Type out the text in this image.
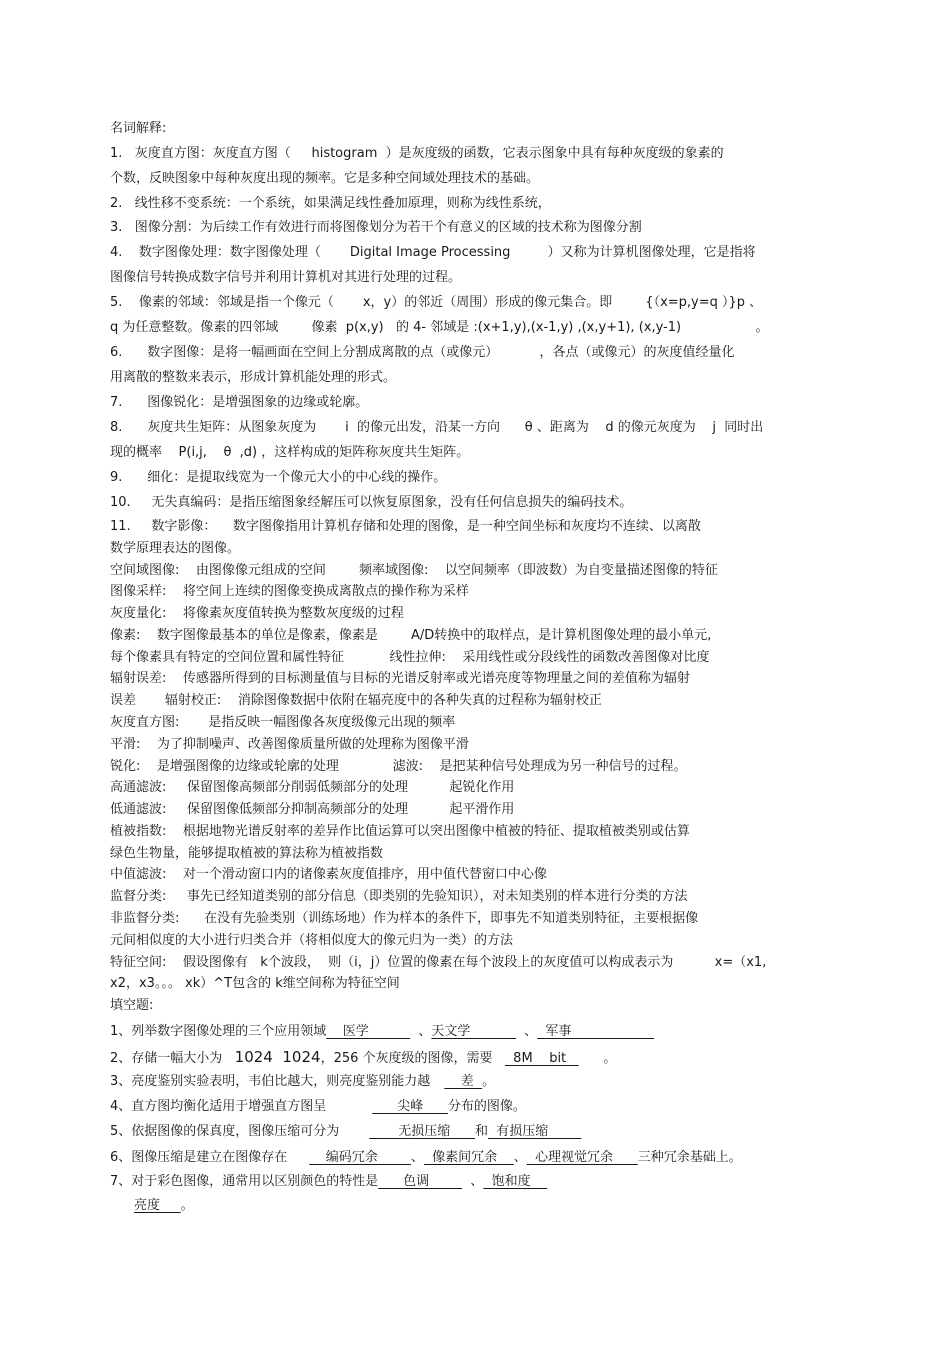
名词解释:
1.   灰度直方图：灰度直方图（     histogram  ）是灰度级的函数，它表示图象中具有每种灰度级的象素的
个数，反映图象中每种灰度出现的频率。它是多种空间域处理技术的基础。
2.   线性移不变系统：一个系统，如果满足线性叠加原理，则称为线性系统，
3.   图像分割：为后续工作有效进行而将图像划分为若干个有意义的区域的技术称为图像分割
4.    数字图像处理：数字图像处理（       Digital Image Processing         ）又称为计算机图像处理，它是指将
图像信号转换成数字信号并利用计算机对其进行处理的过程。
5.    像素的邻域：邻域是指一个像元（       x，y）的邻近（周围）形成的像元集合。即        {（x=p,y=q ）}p 、
q 为任意整数。像素的四邻域        像素  p(x,y)   的 4- 邻域是 :(x+1,y),(x-1,y) ,(x,y+1), (x,y-1)                  。
6.      数字图像：是将一幅画面在空间上分割成离散的点（或像元）          ，各点（或像元）的灰度值经量化
用离散的整数来表示，形成计算机能处理的形式。
7.      图像锐化：是增强图象的边缘或轮廓。
8.      灰度共生矩阵：从图象灰度为       i  的像元出发，沿某一方向      θ 、距离为    d 的像元灰度为    j  同时出
现的概率    P(i,j,    θ  ,d) ，这样构成的矩阵称灰度共生矩阵。
9.      细化：是提取线宽为一个像元大小的中心线的操作。
10.     无失真编码：是指压缩图象经解压可以恢复原图象，没有任何信息损失的编码技术。
11.     数字影像：    数字图像指用计算机存储和处理的图像，是一种空间坐标和灰度均不连续、以离散
数学原理表达的图像。
空间域图像:    由图像像元组成的空间        频率域图像:    以空间频率（即波数）为自变量描述图像的特征
图像采样:    将空间上连续的图像变换成离散点的操作称为采样
灰度量化:    将像素灰度值转换为整数灰度级的过程
像素:    数字图像最基本的单位是像素，像素是        A/D转换中的取样点，是计算机图像处理的最小单元,
每个像素具有特定的空间位置和属性特征           线性拉伸:    采用线性或分段线性的函数改善图像对比度
辐射误差:    传感器所得到的目标测量值与目标的光谱反射率或光谱亮度等物理量之间的差值称为辐射
误差       辐射校正:    消除图像数据中依附在辐亮度中的各种失真的过程称为辐射校正
灰度直方图:       是指反映一幅图像各灰度级像元出现的频率
平滑:    为了抑制噪声、改善图像质量所做的处理称为图像平滑
锐化:    是增强图像的边缘或轮廓的处理             滤波:    是把某种信号处理成为另一种信号的过程。
高通滤波:     保留图像高频部分削弱低频部分的处理          起锐化作用
低通滤波:     保留图像低频部分抑制高频部分的处理          起平滑作用
植被指数:    根据地物光谱反射率的差异作比值运算可以突出图像中植被的特征、提取植被类别或估算
绿色生物量，能够提取植被的算法称为植被指数
中值滤波:    对一个滑动窗口内的诸像素灰度值排序，用中值代替窗口中心像
监督分类:     事先已经知道类别的部分信息（即类别的先验知识），对未知类别的样本进行分类的方法
非监督分类:      在没有先验类别（训练场地）作为样本的条件下，即事先不知道类别特征，主要根据像
元间相似度的大小进行归类合并（将相似度大的像元归为一类）的方法
特征空间:    假设图像有   k个波段，  则（i，j）位置的像素在每个波段上的灰度值可以构成表示为          x=（x1,
x2，x3。。。 xk）^T包含的 k维空间称为特征空间
填空题:
1、列举数字图像处理的三个应用领域    医学            、天文学             、  军事
2、存储一幅大小为   1024  1024，256 个灰度级的图像，需要     8M    bit         。
3、亮度鉴别实验表明，韦伯比越大，则亮度鉴别能力越    差  。
4、直方图均衡化适用于增强直方图呈	尖峰      分布的图像。
5、依据图像的保真度，图像压缩可分为       无损压缩      和  有损压缩
6、图像压缩是建立在图像存在    编码冗余        、  像素间冗余    、  心理视觉冗余      三种冗余基础上。
7、对于彩色图像，通常用以区别颜色的特性是      色调          、  饱和度
亮度     。
